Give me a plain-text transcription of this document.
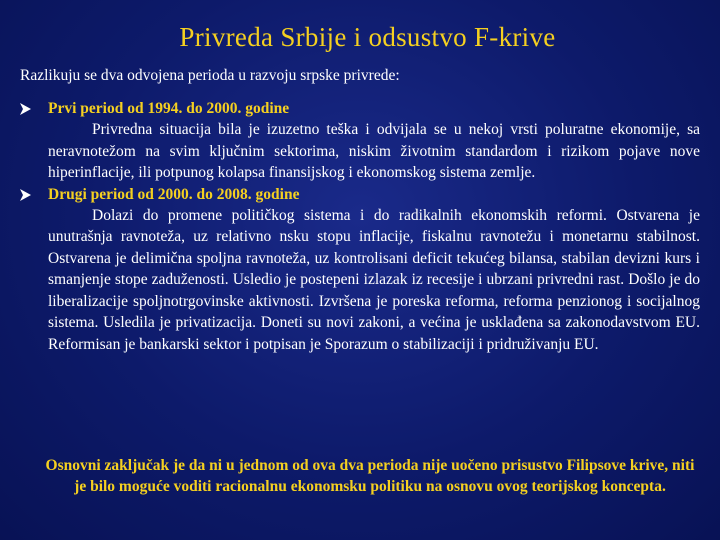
Privreda Srbije i odsustvo F-krive
Razlikuju se dva odvojena perioda u razvoju srpske privrede:
Prvi period od 1994. do 2000. godine
Privredna situacija bila je izuzetno teška i odvijala se u nekoj vrsti poluratne ekonomije, sa neravnotežom na svim ključnim sektorima, niskim životnim standardom i rizikom pojave nove hiperinflacije, ili potpunog kolapsa finansijskog i ekonomskog sistema zemlje.
Drugi period od 2000. do 2008. godine
Dolazi do promene političkog sistema i do radikalnih ekonomskih reformi. Ostvarena je unutrašnja ravnoteža, uz relativno nsku stopu inflacije, fiskalnu ravnotežu i monetarnu stabilnost. Ostvarena je delimična spoljna ravnoteža, uz kontrolisani deficit tekućeg bilansa, stabilan devizni kurs i smanjenje stope zaduženosti. Usledio je postepeni izlazak iz recesije i ubrzani privredni rast. Došlo je do liberalizacije spoljnotrgovinske aktivnosti. Izvršena je poreska reforma, reforma penzionog i socijalnog sistema. Usledila je privatizacija. Doneti su novi zakoni, a većina je usklađena sa zakonodavstvom EU. Reformisan je bankarski sektor i potpisan je Sporazum o stabilizaciji i pridruživanju EU.
Osnovni zaključak je da ni u jednom od ova dva perioda nije uočeno prisustvo Filipsove krive, niti je bilo moguće voditi racionalnu ekonomsku politiku na osnovu ovog teorijskog koncepta.
